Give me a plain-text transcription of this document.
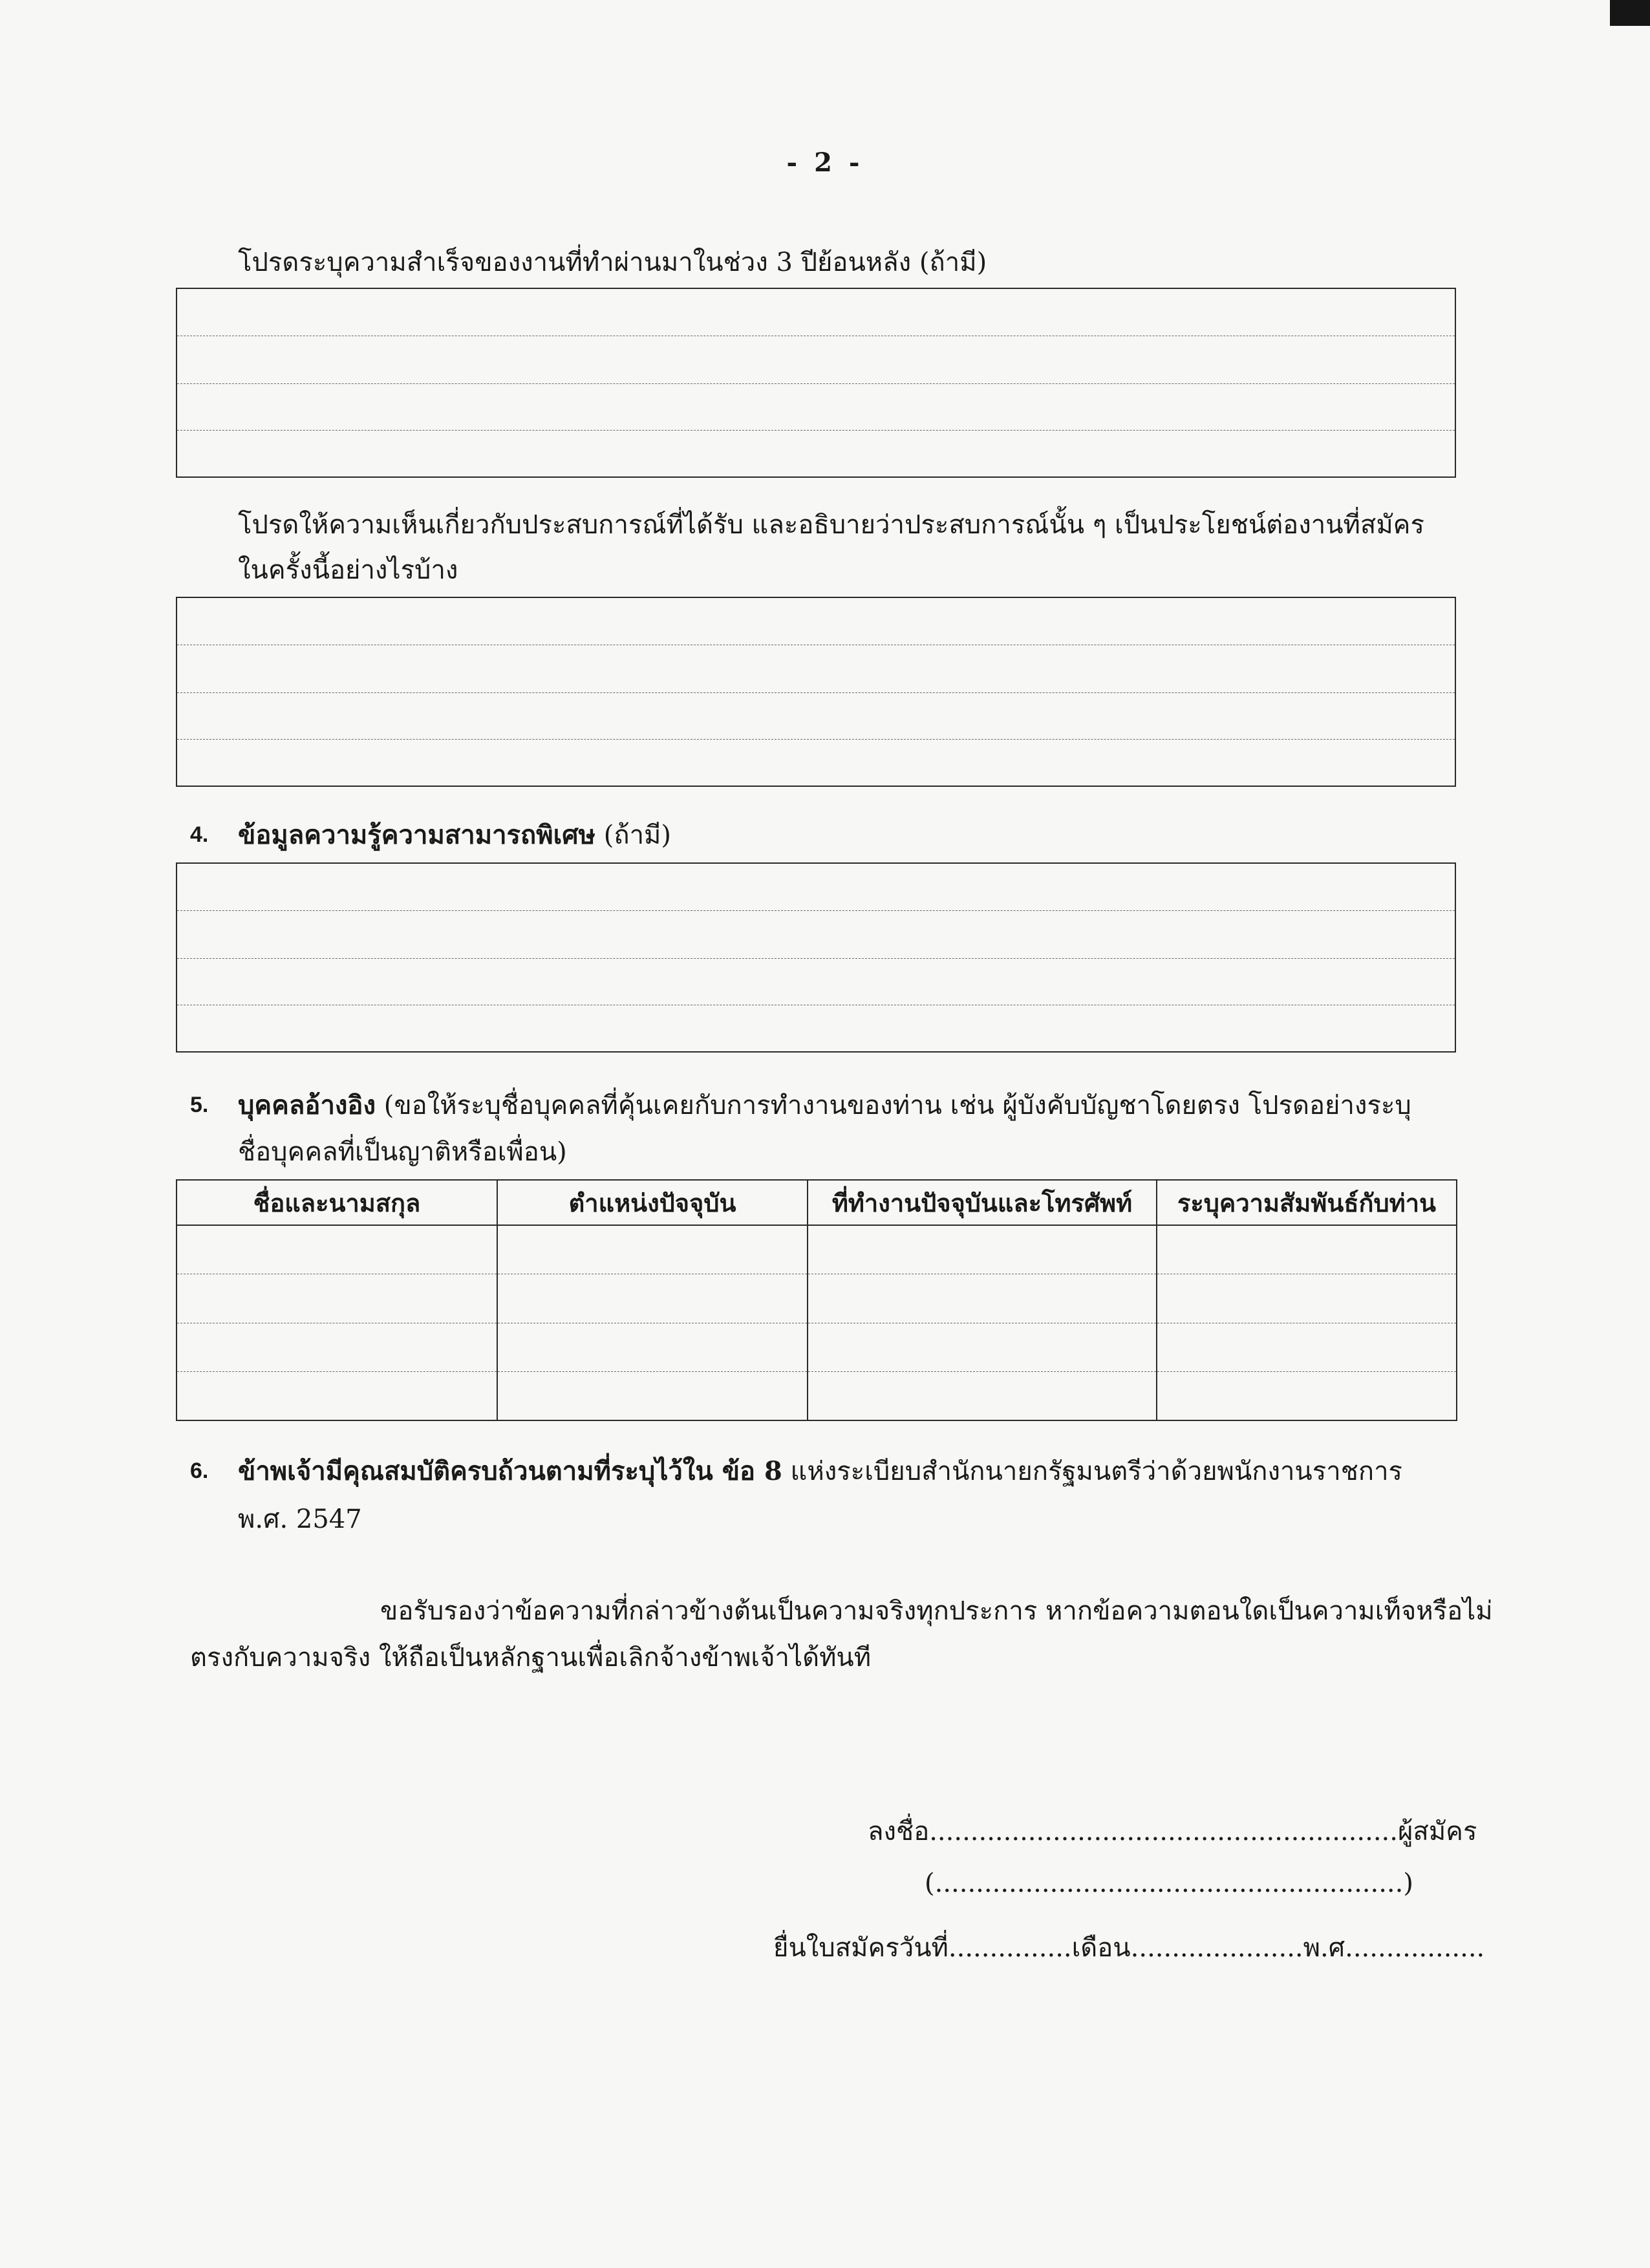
- 2 -
โปรดระบุความสำเร็จของงานที่ทำผ่านมาในช่วง 3 ปีย้อนหลัง (ถ้ามี)
โปรดให้ความเห็นเกี่ยวกับประสบการณ์ที่ได้รับ และอธิบายว่าประสบการณ์นั้น ๆ เป็นประโยชน์ต่องานที่สมัคร
ในครั้งนี้อย่างไรบ้าง
4. ข้อมูลความรู้ความสามารถพิเศษ (ถ้ามี)
5. บุคคลอ้างอิง (ขอให้ระบุชื่อบุคคลที่คุ้นเคยกับการทำงานของท่าน เช่น ผู้บังคับบัญชาโดยตรง โปรดอย่างระบุ
ชื่อบุคคลที่เป็นญาติหรือเพื่อน)
ชื่อและนามสกุล	ตำแหน่งปัจจุบัน	ที่ทำงานปัจจุบันและโทรศัพท์	ระบุความสัมพันธ์กับท่าน

6. ข้าพเจ้ามีคุณสมบัติครบถ้วนตามที่ระบุไว้ใน ข้อ 8 แห่งระเบียบสำนักนายกรัฐมนตรีว่าด้วยพนักงานราชการ
พ.ศ. 2547
ขอรับรองว่าข้อความที่กล่าวข้างต้นเป็นความจริงทุกประการ หากข้อความตอนใดเป็นความเท็จหรือไม่
ตรงกับความจริง ให้ถือเป็นหลักฐานเพื่อเลิกจ้างข้าพเจ้าได้ทันที
ลงชื่อ.........................................................ผู้สมัคร
(.........................................................)
ยื่นใบสมัครวันที่...............เดือน.....................พ.ศ.................
